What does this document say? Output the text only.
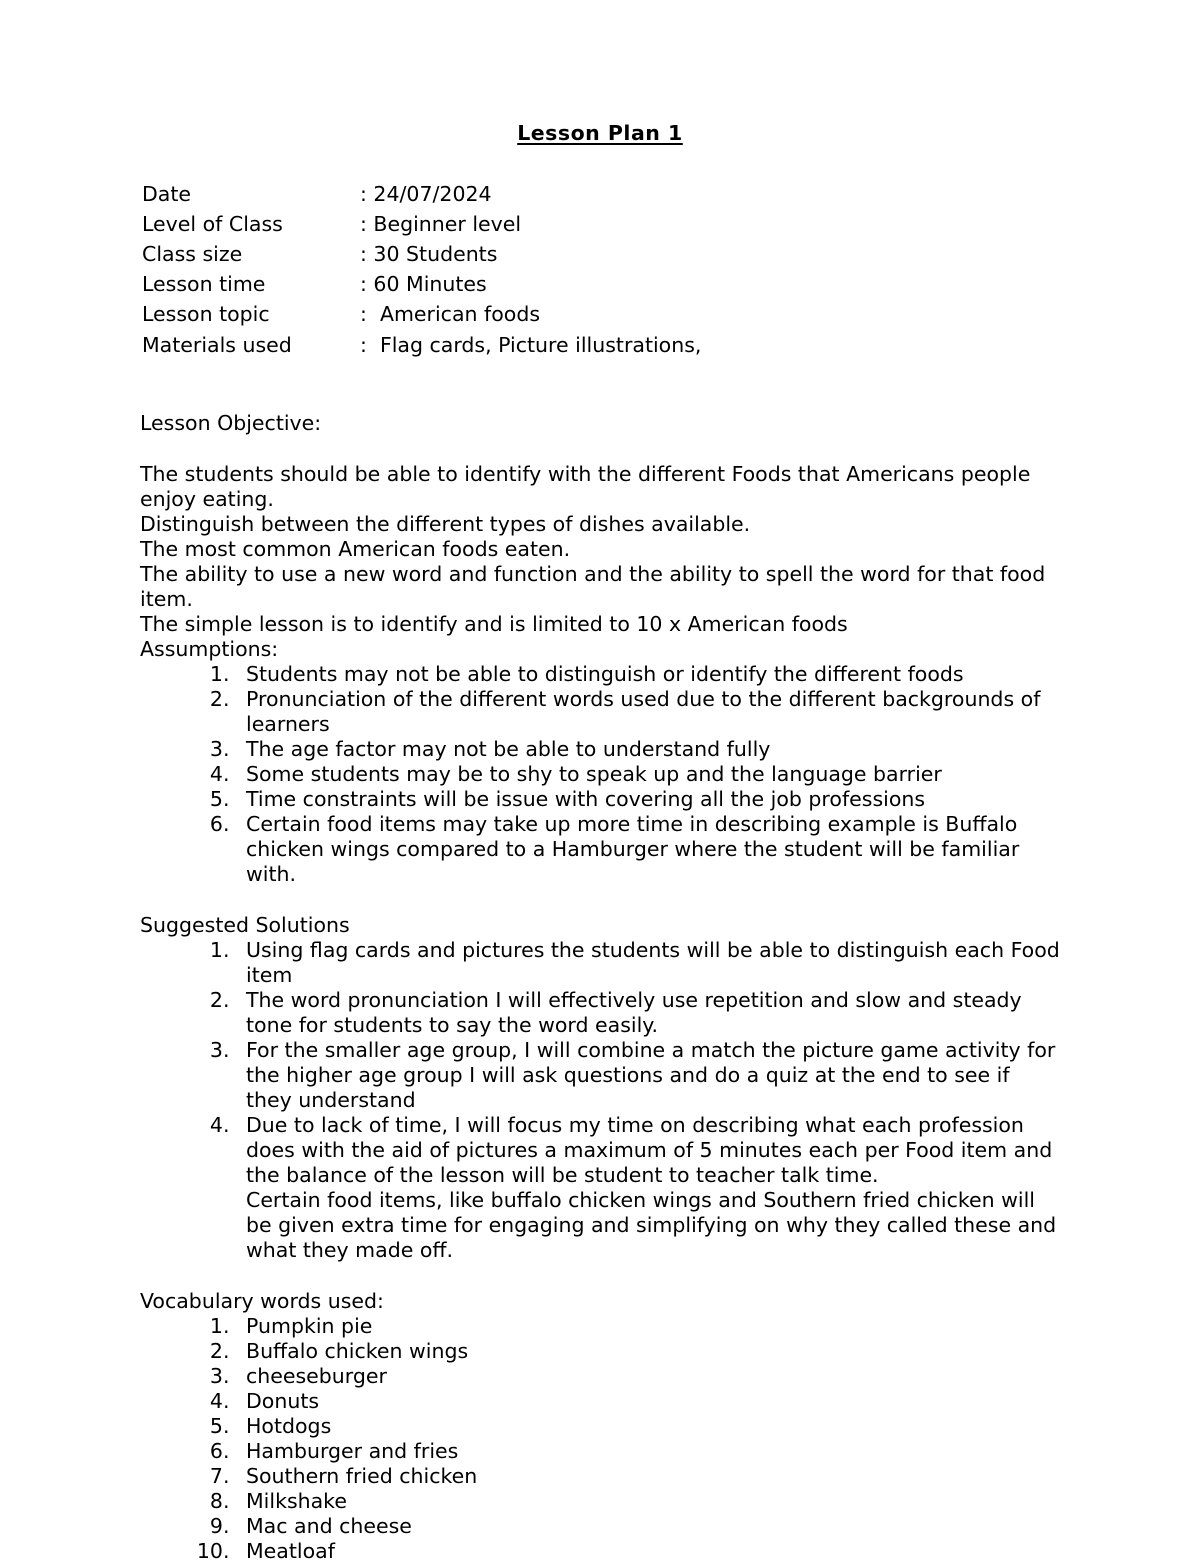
Lesson Plan 1
Date	: 24/07/2024
Level of Class	: Beginner level
Class size	: 30 Students
Lesson time	: 60 Minutes
Lesson topic	:  American foods
Materials used	:  Flag cards, Picture illustrations,

Lesson Objective:

The students should be able to identify with the different Foods that Americans people enjoy eating.

Distinguish between the different types of dishes available.

The most common American foods eaten.

The ability to use a new word and function and the ability to spell the word for that food item.

The simple lesson is to identify and is limited to 10 x American foods

Assumptions:

1. Students may not be able to distinguish or identify the different foods
2. Pronunciation of the different words used due to the different backgrounds of learners
3. The age factor may not be able to understand fully
4. Some students may be to shy to speak up and the language barrier
5. Time constraints will be issue with covering all the job professions
6. Certain food items may take up more time in describing example is Buffalo chicken wings compared to a Hamburger where the student will be familiar with.

Suggested Solutions

1. Using flag cards and pictures the students will be able to distinguish each Food item
2. The word pronunciation I will effectively use repetition and slow and steady tone for students to say the word easily.
3. For the smaller age group, I will combine a match the picture game activity for the higher age group I will ask questions and do a quiz at the end to see if they understand
4. Due to lack of time, I will focus my time on describing what each profession does with the aid of pictures a maximum of 5 minutes each per Food item and the balance of the lesson will be student to teacher talk time.
Certain food items, like buffalo chicken wings and Southern fried chicken will be given extra time for engaging and simplifying on why they called these and what they made off.

Vocabulary words used:

1. Pumpkin pie
2. Buffalo chicken wings
3. cheeseburger
4. Donuts
5. Hotdogs
6. Hamburger and fries
7. Southern fried chicken
8. Milkshake
9. Mac and cheese
10. Meatloaf
